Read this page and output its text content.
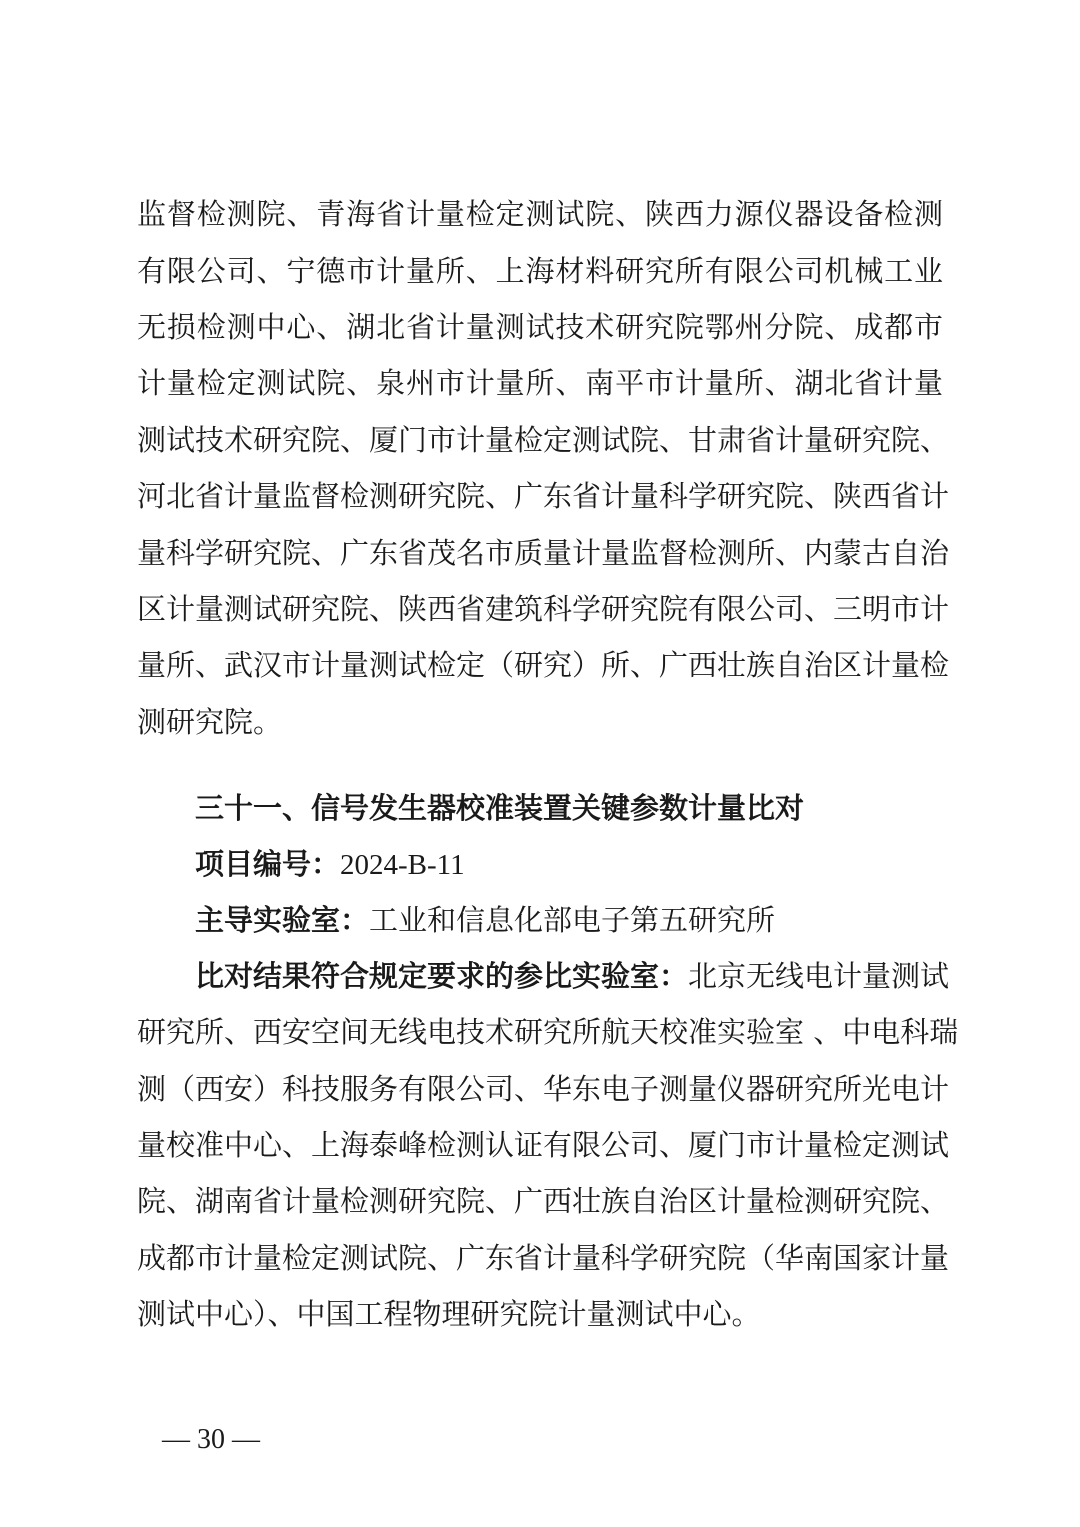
监督检测院、青海省计量检定测试院、陕西力源仪器设备检测
有限公司、宁德市计量所、上海材料研究所有限公司机械工业
无损检测中心、湖北省计量测试技术研究院鄂州分院、成都市
计量检定测试院、泉州市计量所、南平市计量所、湖北省计量
测试技术研究院、厦门市计量检定测试院、甘肃省计量研究院、
河北省计量监督检测研究院、广东省计量科学研究院、陕西省计
量科学研究院、广东省茂名市质量计量监督检测所、内蒙古自治
区计量测试研究院、陕西省建筑科学研究院有限公司、三明市计
量所、武汉市计量测试检定（研究）所、广西壮族自治区计量检
测研究院。
三十一、信号发生器校准装置关键参数计量比对
项目编号：2024-B-11
主导实验室：工业和信息化部电子第五研究所
比对结果符合规定要求的参比实验室：北京无线电计量测试
研究所、西安空间无线电技术研究所航天校准实验室 、中电科瑞
测（西安）科技服务有限公司、华东电子测量仪器研究所光电计
量校准中心、上海泰峰检测认证有限公司、厦门市计量检定测试
院、湖南省计量检测研究院、广西壮族自治区计量检测研究院、
成都市计量检定测试院、广东省计量科学研究院（华南国家计量
测试中心）、中国工程物理研究院计量测试中心。
— 30 —
